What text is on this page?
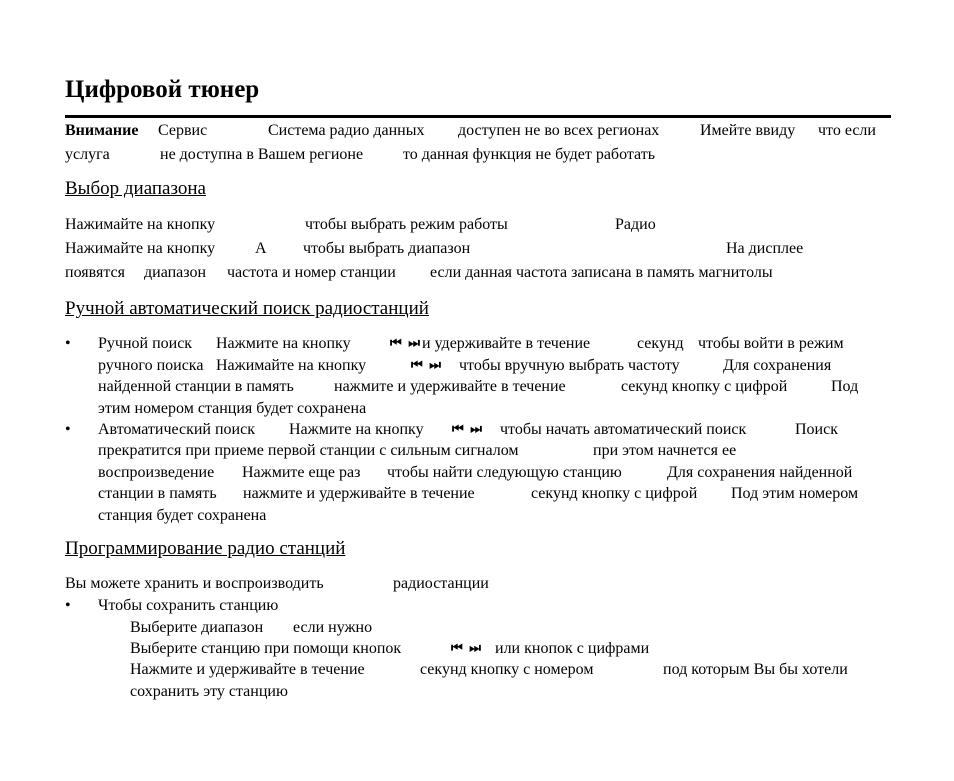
Цифровой тюнер
Внимание Сервис	Система радио данных доступен не во всех регионах	Имейте ввиду что если
услуга	не доступна в Вашем регионе то данная функция не будет работать
Выбор диапазона
Нажимайте на кнопку	чтобы выбрать режим работы	Радио
Нажимайте на кнопку A чтобы выбрать диапазон	На дисплее
появятся диапазон частота и номер станции если данная частота записана в память магнитолы
Ручной автоматический поиск радиостанций
• Ручной поиск Нажмите на кнопку	⏮ ⏭ и удерживайте в течение	секунд чтобы войти в режим
ручного поиска Нажимайте на кнопку	⏮ ⏭ чтобы вручную выбрать частоту	Для сохранения
найденной станции в память	нажмите и удерживайте в течение	секунд кнопку с цифрой	Под
этим номером станция будет сохранена
• Автоматический поиск Нажмите на кнопку ⏮ ⏭ чтобы начать автоматический поиск	Поиск
прекратится при приеме первой станции с сильным сигналом	при этом начнется ее
воспроизведение Нажмите еще раз чтобы найти следующую станцию	Для сохранения найденной
станции в память нажмите и удерживайте в течение	секунд кнопку с цифрой Под этим номером
станция будет сохранена
Программирование радио станций
Вы можете хранить и воспроизводить	радиостанции
• Чтобы сохранить станцию
Выберите диапазон если нужно
Выберите станцию при помощи кнопок	⏮ ⏭ или кнопок с цифрами
Нажмите и удерживайте в течение	секунд кнопку с номером	под которым Вы бы хотели
сохранить эту станцию
